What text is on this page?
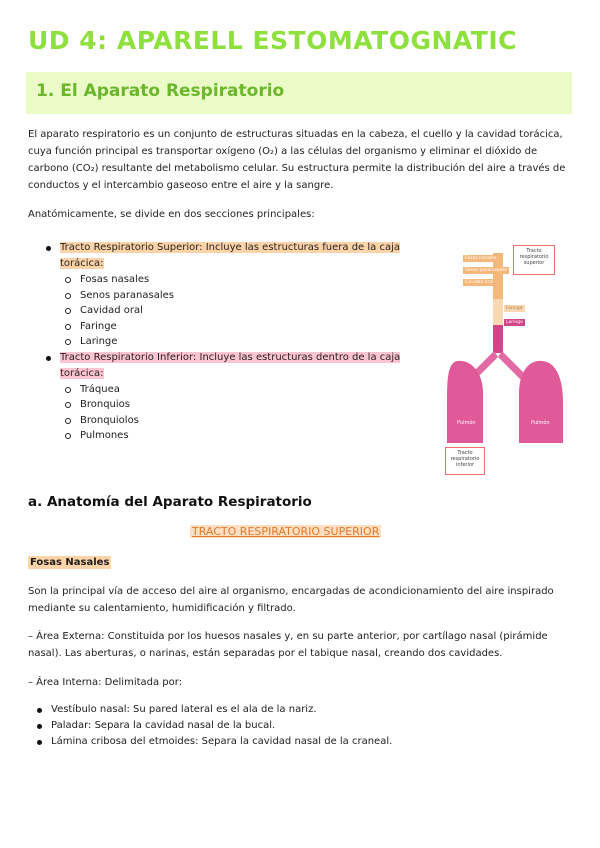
UD 4: APARELL ESTOMATOGNATIC
1. El Aparato Respiratorio
El aparato respiratorio es un conjunto de estructuras situadas en la cabeza, el cuello y la cavidad torácica,
cuya función principal es transportar oxígeno (O₂) a las células del organismo y eliminar el dióxido de
carbono (CO₂) resultante del metabolismo celular. Su estructura permite la distribución del aire a través de
conductos y el intercambio gaseoso entre el aire y la sangre.
Anatómicamente, se divide en dos secciones principales:
Tracto Respiratorio Superior: Incluye las estructuras fuera de la caja
torácica:
Fosas nasales
Senos paranasales
Cavidad oral
Faringe
Laringe
Tracto Respiratorio Inferior: Incluye las estructuras dentro de la caja
torácica:
Tráquea
Bronquios
Bronquiolos
Pulmones
Fosas nasales
Senos paranasales
Cavidad oral
Faringe
Laringe
Pulmón	Pulmón
Tracto respiratorio superior
Tracto respiratorio inferior
a. Anatomía del Aparato Respiratorio
TRACTO RESPIRATORIO SUPERIOR
Fosas Nasales
Son la principal vía de acceso del aire al organismo, encargadas de acondicionamiento del aire inspirado
mediante su calentamiento, humidificación y filtrado.
– Área Externa: Constituida por los huesos nasales y, en su parte anterior, por cartílago nasal (pirámide
nasal). Las aberturas, o narinas, están separadas por el tabique nasal, creando dos cavidades.
– Área Interna: Delimitada por:
Vestíbulo nasal: Su pared lateral es el ala de la nariz.
Paladar: Separa la cavidad nasal de la bucal.
Lámina cribosa del etmoides: Separa la cavidad nasal de la craneal.
